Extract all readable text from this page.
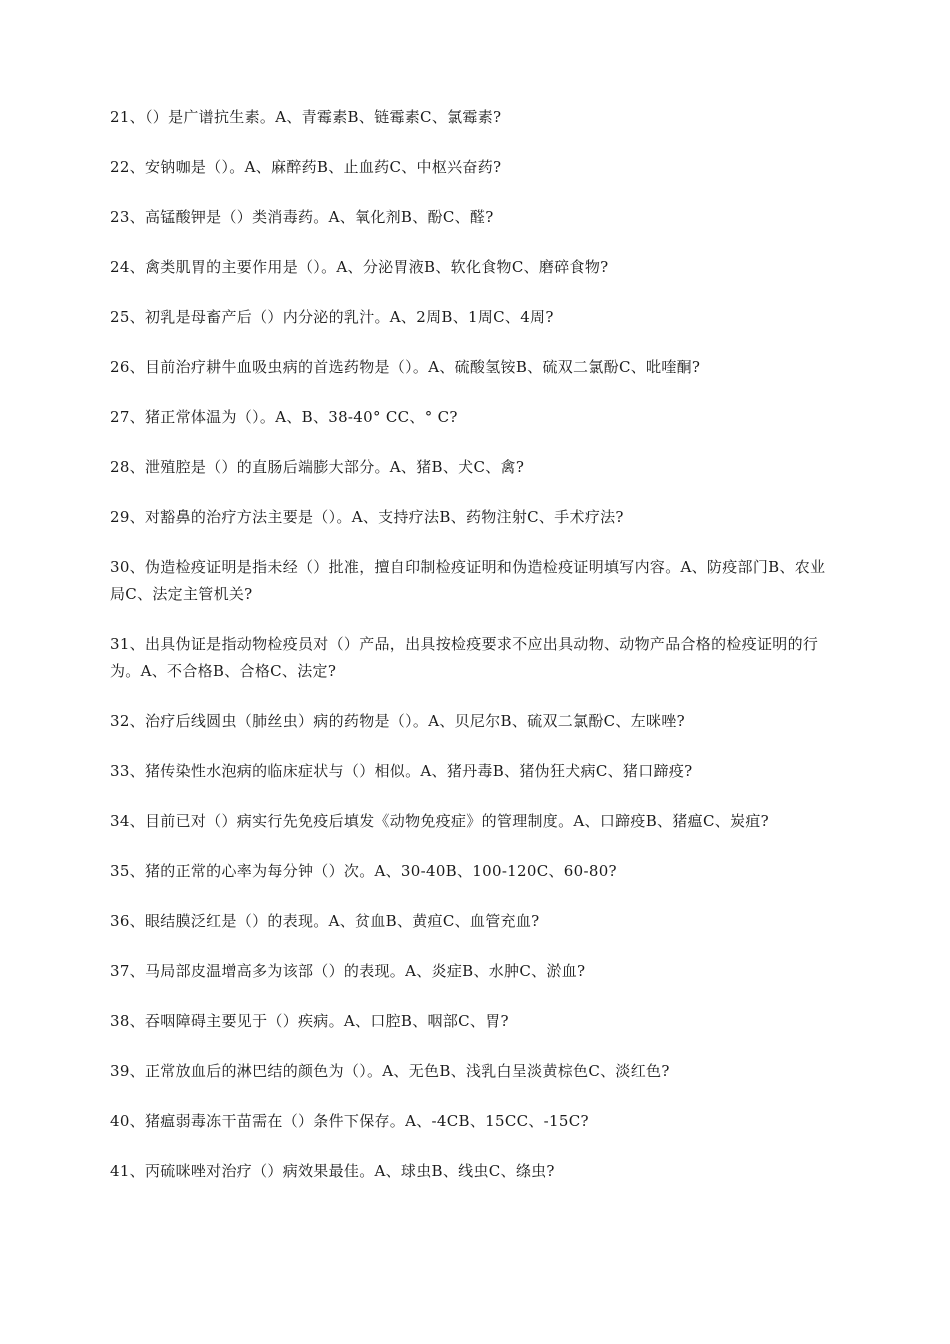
21、（）是广谱抗生素。A、青霉素B、链霉素C、氯霉素?
22、安钠咖是（）。A、麻醉药B、止血药C、中枢兴奋药?
23、高锰酸钾是（）类消毒药。A、氧化剂B、酚C、醛?
24、禽类肌胃的主要作用是（）。A、分泌胃液B、软化食物C、磨碎食物?
25、初乳是母畜产后（）内分泌的乳汁。A、2周B、1周C、4周?
26、目前治疗耕牛血吸虫病的首选药物是（）。A、硫酸氢铵B、硫双二氯酚C、吡喹酮?
27、猪正常体温为（）。A、B、38-40° CC、° C?
28、泄殖腔是（）的直肠后端膨大部分。A、猪B、犬C、禽?
29、对豁鼻的治疗方法主要是（）。A、支持疗法B、药物注射C、手术疗法?
30、伪造检疫证明是指未经（）批准，擅自印制检疫证明和伪造检疫证明填写内容。A、防疫部门B、农业局C、法定主管机关?
31、出具伪证是指动物检疫员对（）产品，出具按检疫要求不应出具动物、动物产品合格的检疫证明的行为。A、不合格B、合格C、法定?
32、治疗后线圆虫（肺丝虫）病的药物是（）。A、贝尼尔B、硫双二氯酚C、左咪唑?
33、猪传染性水泡病的临床症状与（）相似。A、猪丹毒B、猪伪狂犬病C、猪口蹄疫?
34、目前已对（）病实行先免疫后填发《动物免疫症》的管理制度。A、口蹄疫B、猪瘟C、炭疽?
35、猪的正常的心率为每分钟（）次。A、30-40B、100-120C、60-80?
36、眼结膜泛红是（）的表现。A、贫血B、黄疸C、血管充血?
37、马局部皮温增高多为该部（）的表现。A、炎症B、水肿C、淤血?
38、吞咽障碍主要见于（）疾病。A、口腔B、咽部C、胃?
39、正常放血后的淋巴结的颜色为（）。A、无色B、浅乳白呈淡黄棕色C、淡红色?
40、猪瘟弱毒冻干苗需在（）条件下保存。A、-4CB、15CC、-15C?
41、丙硫咪唑对治疗（）病效果最佳。A、球虫B、线虫C、绦虫?
